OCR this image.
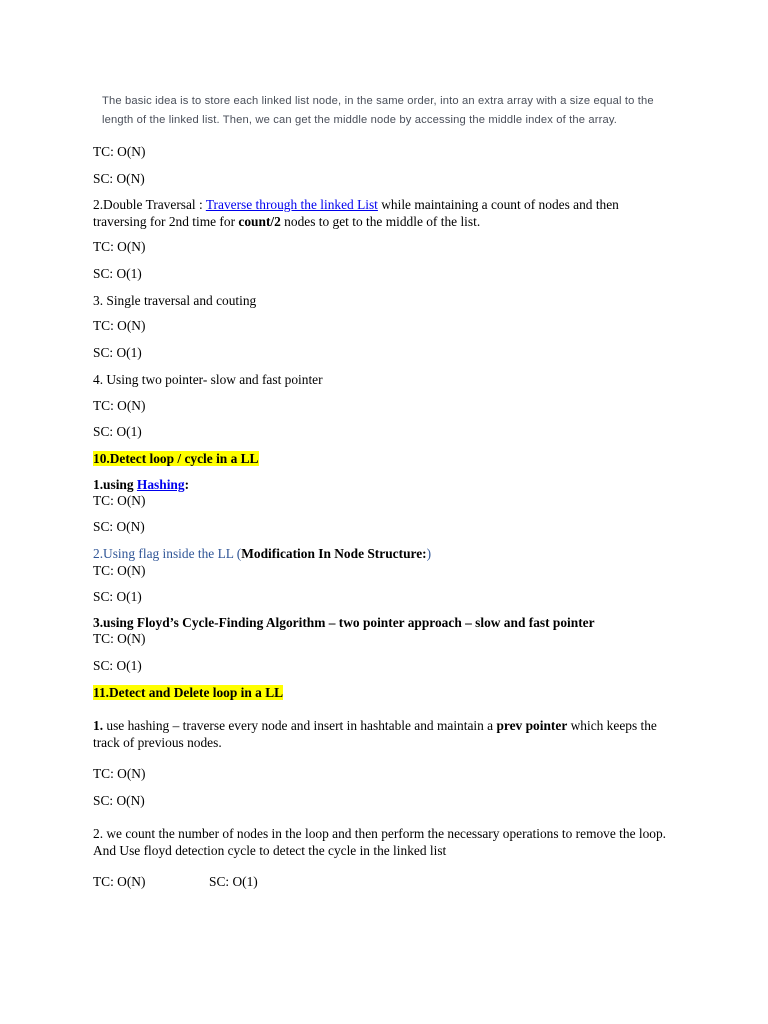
The basic idea is to store each linked list node, in the same order, into an extra array with a size equal to the length of the linked list. Then, we can get the middle node by accessing the middle index of the array.
TC: O(N)
SC: O(N)
2.Double Traversal : Traverse through the linked List while maintaining a count of nodes and then traversing for 2nd time for count/2 nodes to get to the middle of the list.
TC: O(N)
SC: O(1)
3. Single traversal and couting
TC: O(N)
SC: O(1)
4. Using two pointer- slow and fast pointer
TC: O(N)
SC: O(1)
10.Detect loop / cycle in a LL
1.using Hashing:
TC: O(N)
SC: O(N)
2.Using flag inside the LL (Modification In Node Structure:)
TC: O(N)
SC: O(1)
3.using Floyd’s Cycle-Finding Algorithm – two pointer approach – slow and fast pointer
TC: O(N)
SC: O(1)
11.Detect and Delete loop in a LL
1. use hashing – traverse every node and insert in hashtable and maintain a prev pointer which keeps the track of previous nodes.
TC: O(N)
SC: O(N)
2. we count the number of nodes in the loop and then perform the necessary operations to remove the loop. And Use floyd detection cycle to detect the cycle in the linked list
TC: O(N)	SC: O(1)
